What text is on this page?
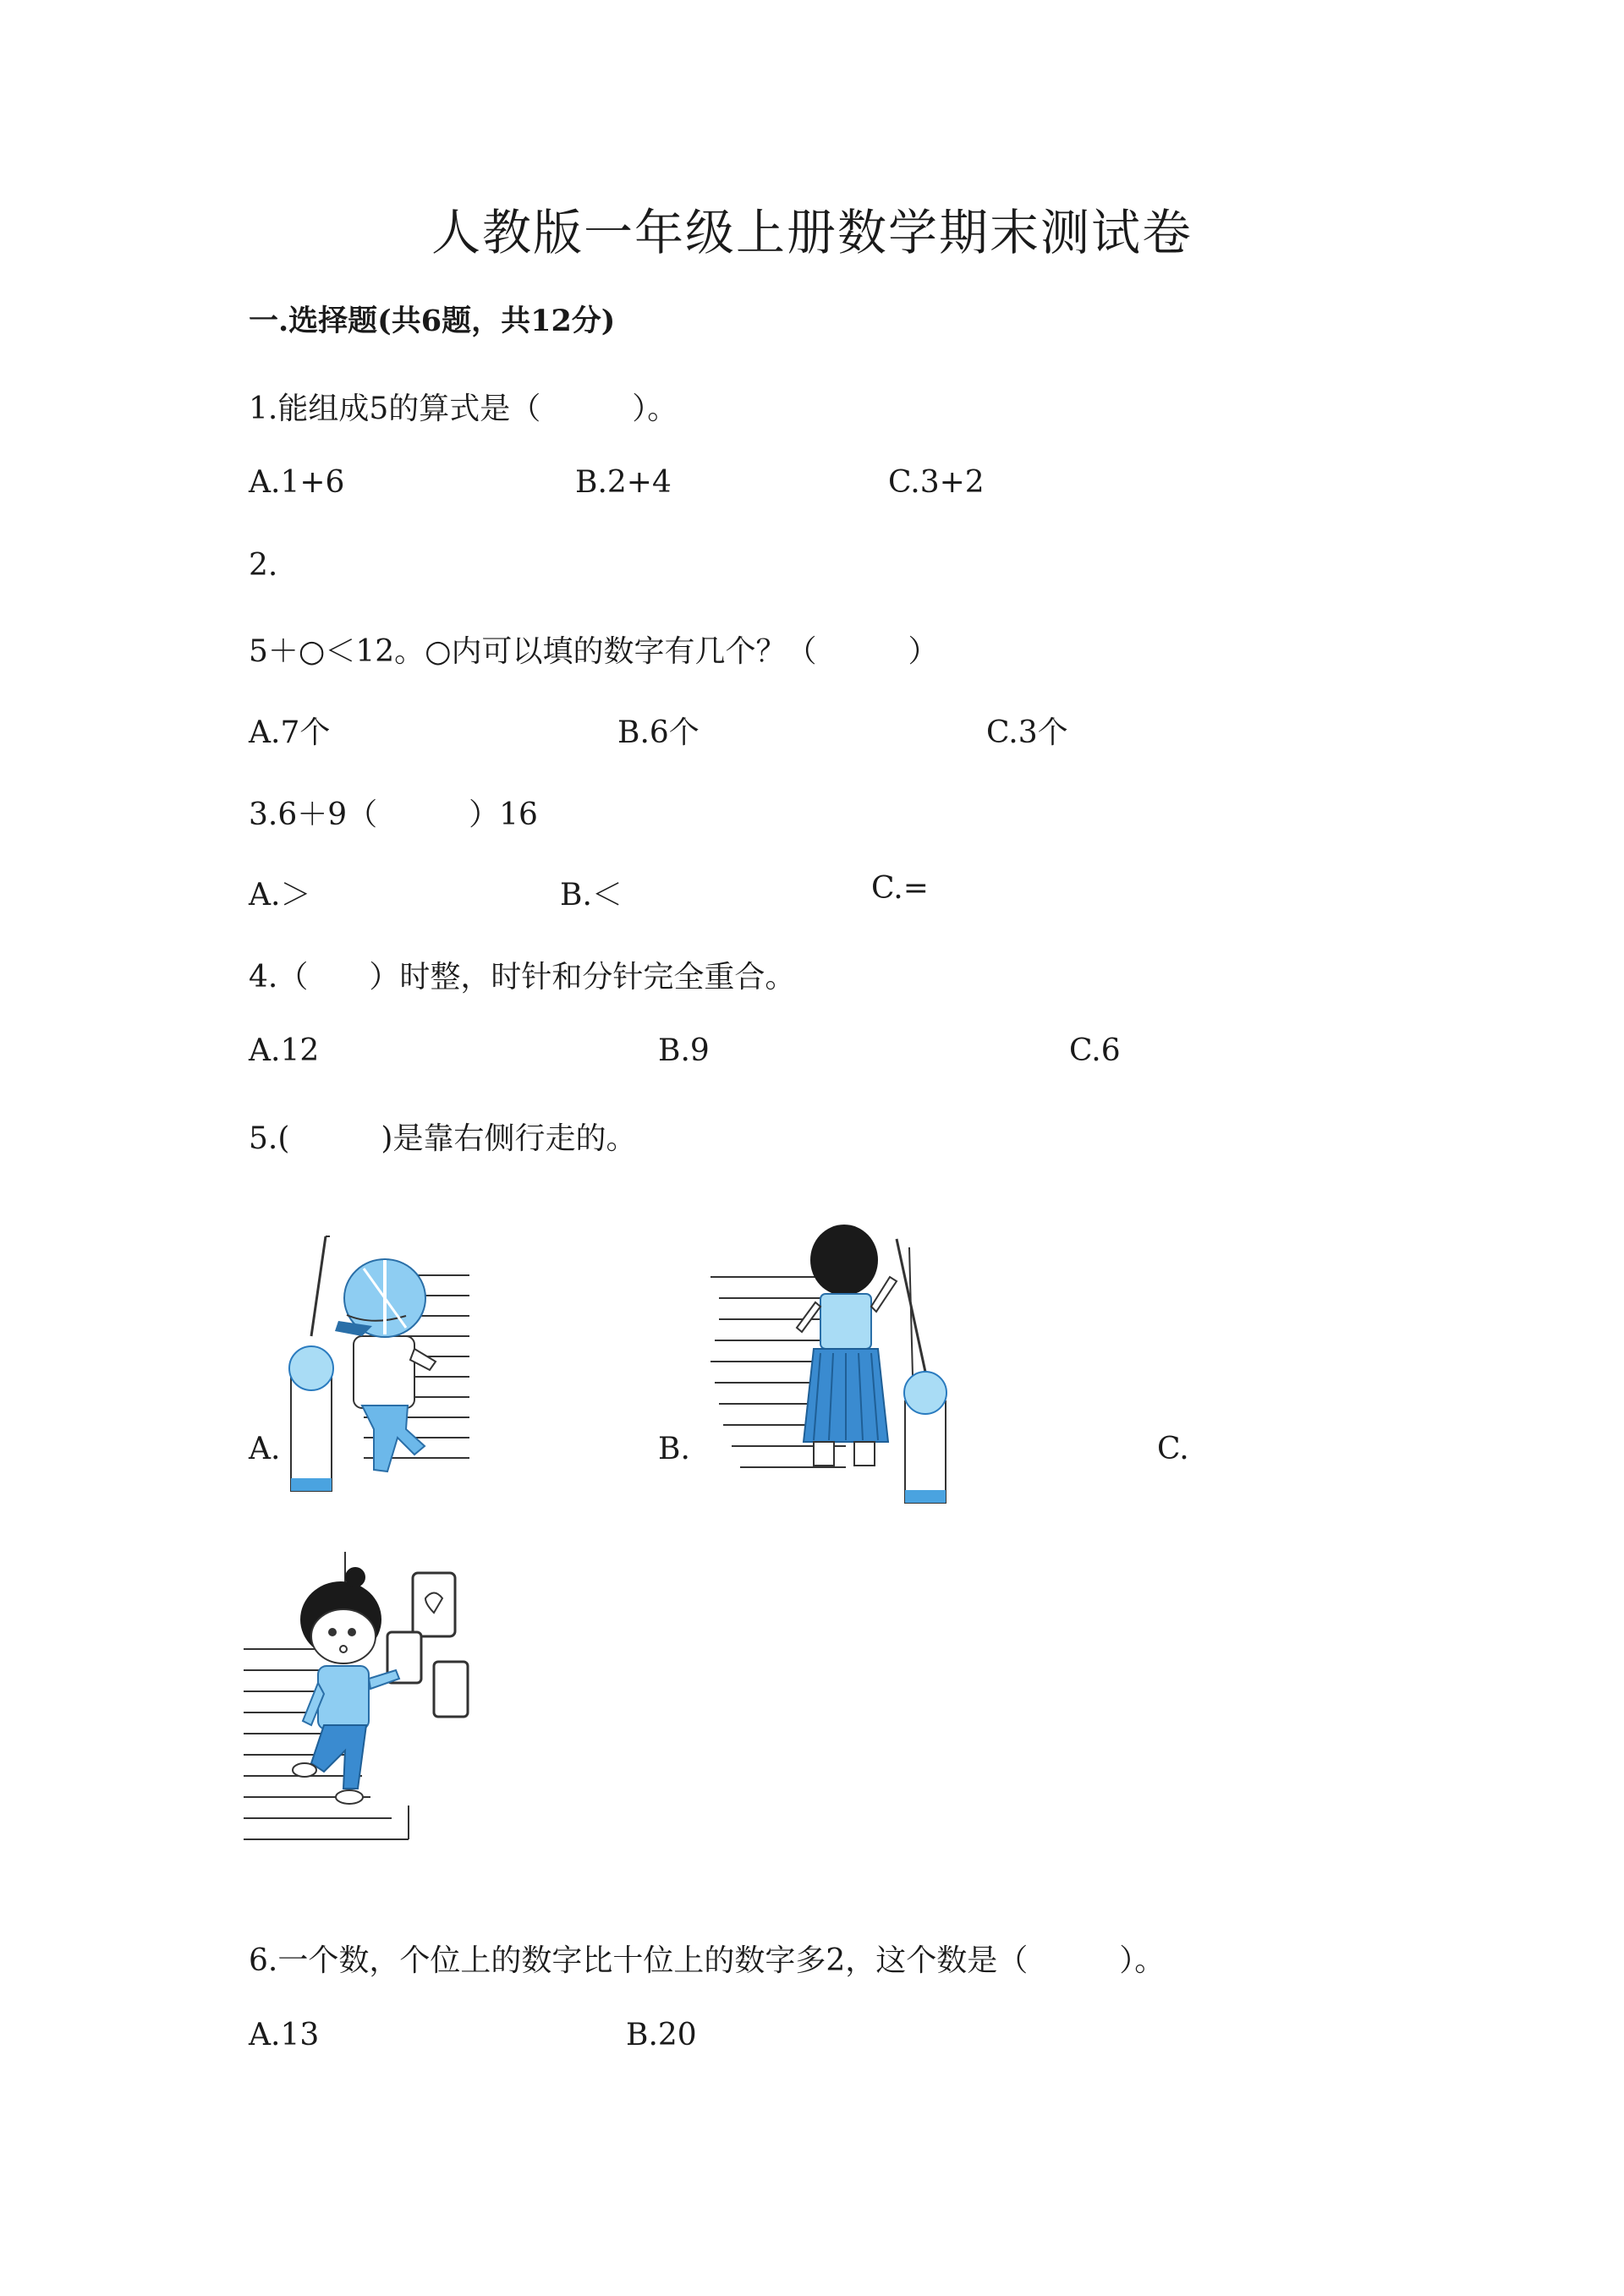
人教版一年级上册数学期末测试卷
一.选择题(共6题，共12分)
1.能组成5的算式是（　　　）。
A.1+6	B.2+4	C.3+2
2.
5＋○＜12。○内可以填的数字有几个？（　　　）
A.7个	B.6个	C.3个
3.6＋9（　　　）16
A.＞	B.＜	C.=
4.（　　）时整，时针和分针完全重合。
A.12	B.9	C.6
5.(　　　)是靠右侧行走的。
A.	B.	C.
6.一个数，个位上的数字比十位上的数字多2，这个数是（　　　）。
A.13	B.20
